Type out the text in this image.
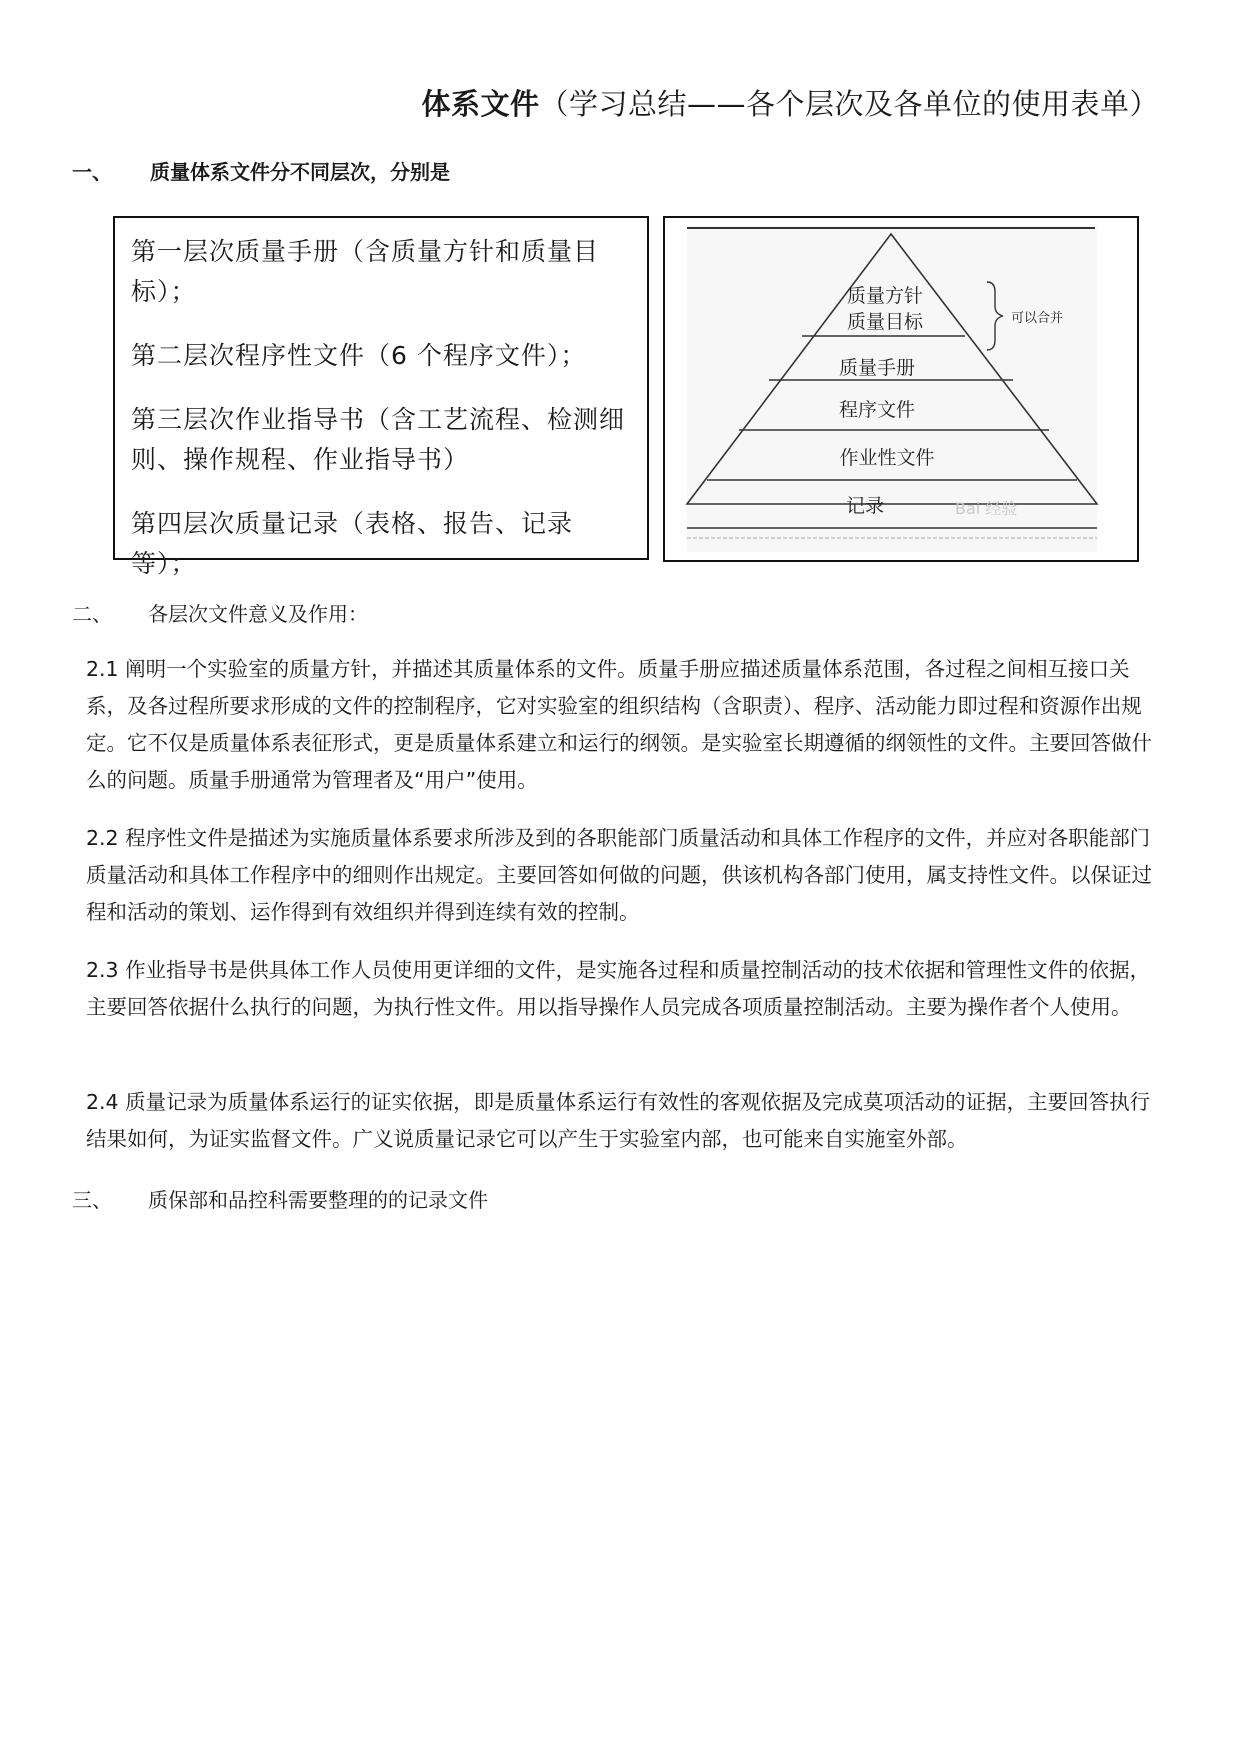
体系文件（学习总结——各个层次及各单位的使用表单）
一、 质量体系文件分不同层次，分别是

第一层次质量手册（含质量方针和质量目标）；

第二层次程序性文件（6 个程序文件）；

第三层次作业指导书（含工艺流程、检测细则、操作规程、作业指导书）

第四层次质量记录（表格、报告、记录等）；

质量方针
质量目标
质量手册
程序文件
作业性文件
记录
可以合并
Bai 经验
二、 各层次文件意义及作用：
2.1 阐明一个实验室的质量方针，并描述其质量体系的文件。质量手册应描述质量体系范围，各过程之间相互接口关系，及各过程所要求形成的文件的控制程序，它对实验室的组织结构（含职责）、程序、活动能力即过程和资源作出规定。它不仅是质量体系表征形式，更是质量体系建立和运行的纲领。是实验室长期遵循的纲领性的文件。主要回答做什么的问题。质量手册通常为管理者及“用户”使用。
2.2 程序性文件是描述为实施质量体系要求所涉及到的各职能部门质量活动和具体工作程序的文件，并应对各职能部门质量活动和具体工作程序中的细则作出规定。主要回答如何做的问题，供该机构各部门使用，属支持性文件。以保证过程和活动的策划、运作得到有效组织并得到连续有效的控制。
2.3 作业指导书是供具体工作人员使用更详细的文件，是实施各过程和质量控制活动的技术依据和管理性文件的依据，主要回答依据什么执行的问题，为执行性文件。用以指导操作人员完成各项质量控制活动。主要为操作者个人使用。
2.4 质量记录为质量体系运行的证实依据，即是质量体系运行有效性的客观依据及完成莫项活动的证据，主要回答执行结果如何，为证实监督文件。广义说质量记录它可以产生于实验室内部，也可能来自实施室外部。
三、 质保部和品控科需要整理的的记录文件
